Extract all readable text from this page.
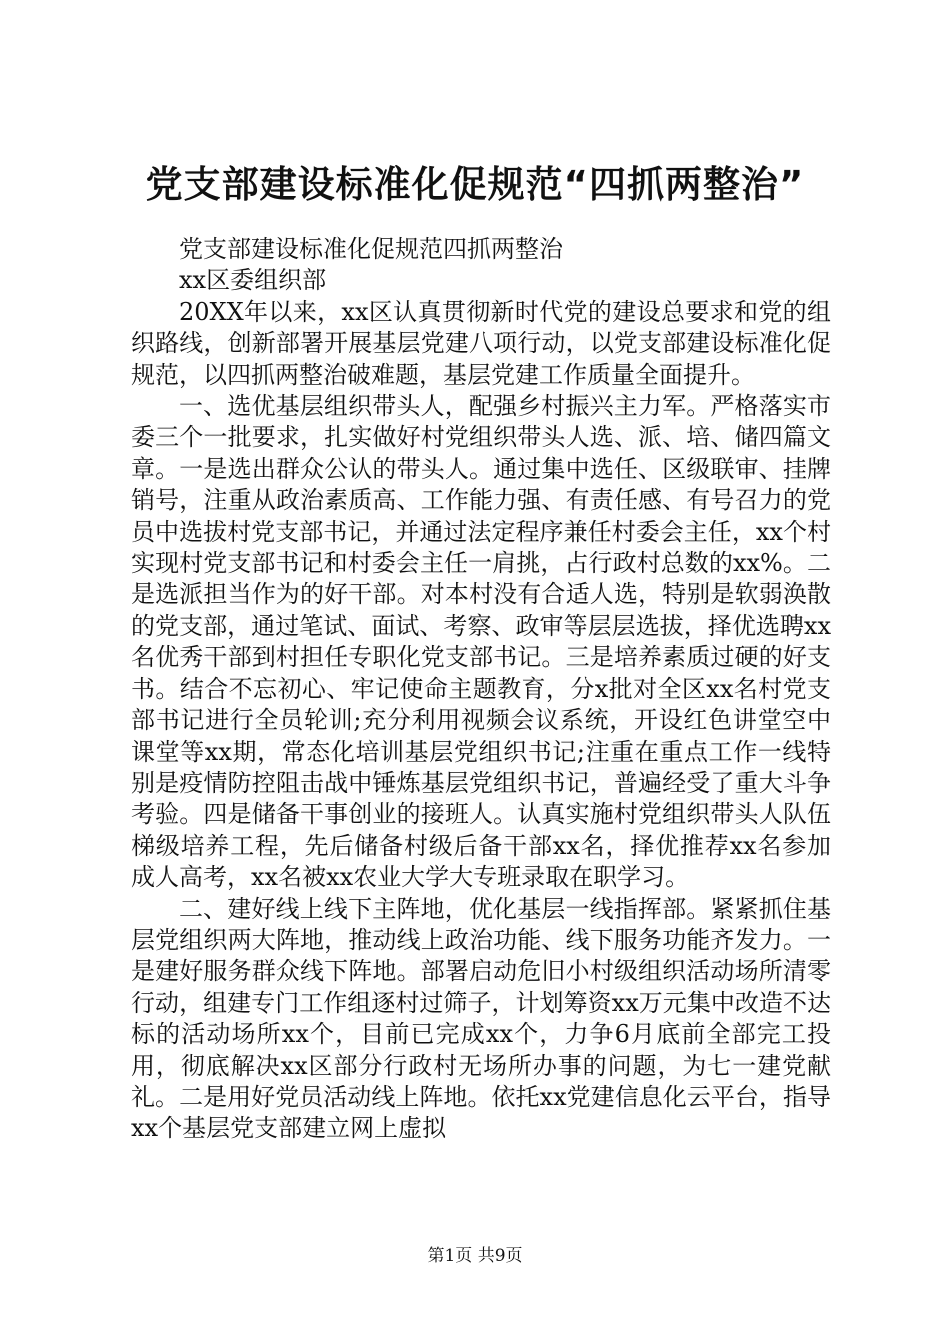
党支部建设标准化促规范“四抓两整治”

党支部建设标准化促规范四抓两整治

xx区委组织部

20XX年以来，xx区认真贯彻新时代党的建设总要求和党的组织路线，创新部署开展基层党建八项行动，以党支部建设标准化促规范，以四抓两整治破难题，基层党建工作质量全面提升。

一、选优基层组织带头人，配强乡村振兴主力军。严格落实市委三个一批要求，扎实做好村党组织带头人选、派、培、储四篇文章。一是选出群众公认的带头人。通过集中选任、区级联审、挂牌销号，注重从政治素质高、工作能力强、有责任感、有号召力的党员中选拔村党支部书记，并通过法定程序兼任村委会主任，xx个村实现村党支部书记和村委会主任一肩挑，占行政村总数的xx%。二是选派担当作为的好干部。对本村没有合适人选，特别是软弱涣散的党支部，通过笔试、面试、考察、政审等层层选拔，择优选聘xx名优秀干部到村担任专职化党支部书记。三是培养素质过硬的好支书。结合不忘初心、牢记使命主题教育，分x批对全区xx名村党支部书记进行全员轮训;充分利用视频会议系统，开设红色讲堂空中课堂等xx期，常态化培训基层党组织书记;注重在重点工作一线特别是疫情防控阻击战中锤炼基层党组织书记，普遍经受了重大斗争考验。四是储备干事创业的接班人。认真实施村党组织带头人队伍梯级培养工程，先后储备村级后备干部xx名，择优推荐xx名参加成人高考，xx名被xx农业大学大专班录取在职学习。

二、建好线上线下主阵地，优化基层一线指挥部。紧紧抓住基层党组织两大阵地，推动线上政治功能、线下服务功能齐发力。一是建好服务群众线下阵地。部署启动危旧小村级组织活动场所清零行动，组建专门工作组逐村过筛子，计划筹资xx万元集中改造不达标的活动场所xx个，目前已完成xx个，力争6月底前全部完工投用，彻底解决xx区部分行政村无场所办事的问题，为七一建党献礼。二是用好党员活动线上阵地。依托xx党建信息化云平台，指导xx个基层党支部建立网上虚拟

第1页 共9页
